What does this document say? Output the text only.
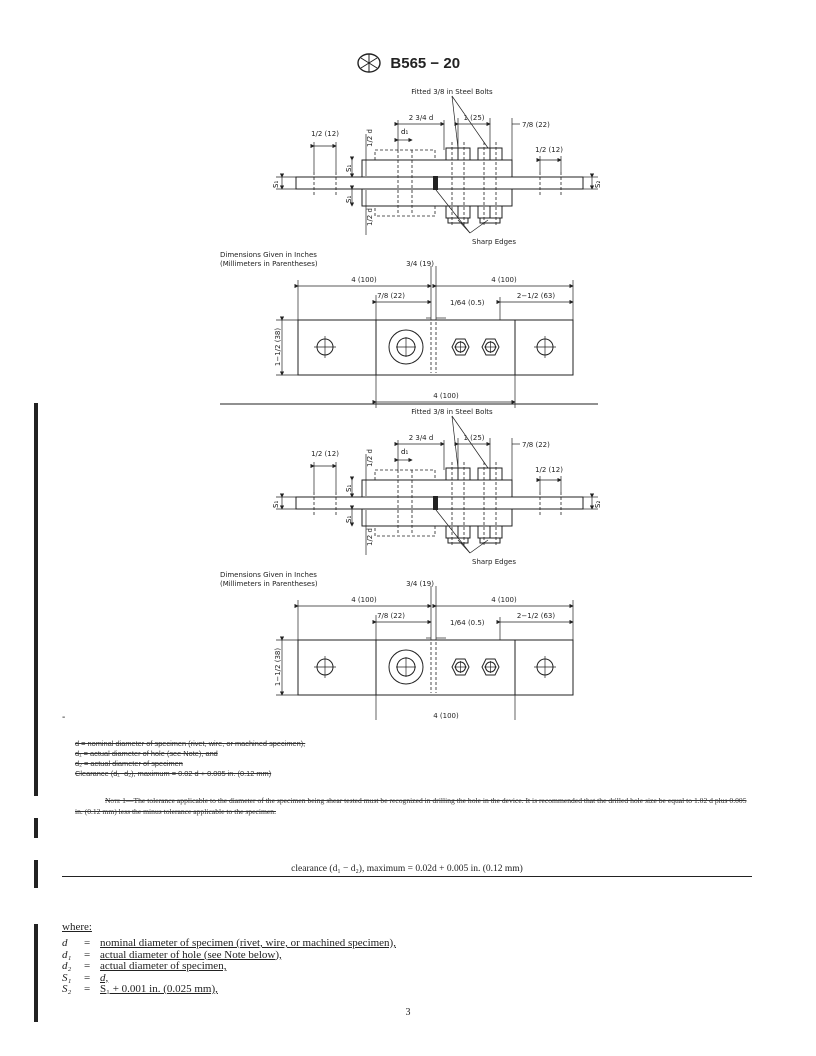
B565 − 20
Fitted 3/8 in Steel Bolts
2 3/4 d	1 (25)
7/8 (22)
1/2 (12)
1/2 (12)
1/2 d
1/2 d
Sharp Edges
Dimensions Given in Inches
(Millimeters in Parentheses)	3/4 (19)
4 (100)	4 (100)
7/8 (22)
1/64 (0.5)
2−1/2 (63)
1−1/2 (38)
4 (100)
Fitted 3/8 in Steel Bolts
2 3/4 d	1 (25)
7/8 (22)
1/2 (12)
1/2 (12)
1/2 d
1/2 d
Sharp Edges
Dimensions Given in Inches
(Millimeters in Parentheses)	3/4 (19)
4 (100)	4 (100)
7/8 (22)
1/64 (0.5)
2−1/2 (63)
1−1/2 (38)
4 (100)
-
d = nominal diameter of specimen (rivet, wire, or machined specimen),
d₁ = actual diameter of hole (see Note), and
d₂ = actual diameter of specimen
Clearance (d₁−d₂), maximum = 0.02 d + 0.005 in. (0.12 mm)
Note 1—The tolerance applicable to the diameter of the specimen being shear tested must be recognized in drilling the hole in the device. It is recommended that the drilled hole size be equal to 1.02 d plus 0.005 in. (0.12 mm) less the minus tolerance applicable to the specimen.
clearance (d₁ − d₂), maximum = 0.02d + 0.005 in. (0.12 mm)
where:
d = nominal diameter of specimen (rivet, wire, or machined specimen),
d₁ = actual diameter of hole (see Note below),
d₂ = actual diameter of specimen,
S₁ = d,
S₂ = S₁ + 0.001 in. (0.025 mm),
3
